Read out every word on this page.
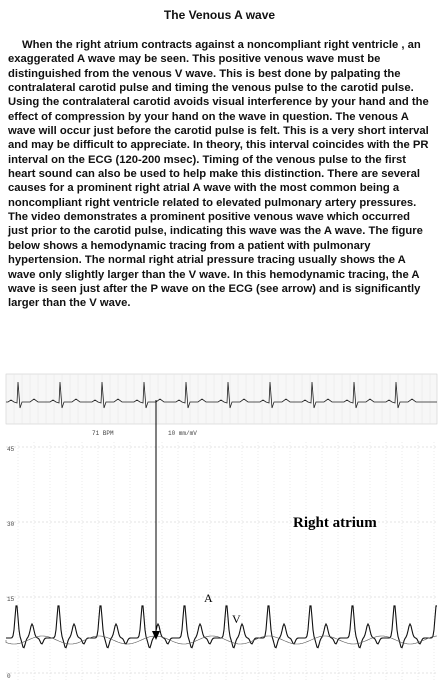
The Venous A wave

When the right atrium contracts against a noncompliant right ventricle , an exaggerated A wave may be seen. This positive venous wave must be distinguished from the venous V wave. This is best done by palpating the contralateral carotid pulse and timing the venous pulse to the carotid pulse. Using the contralateral carotid avoids visual interference by your hand and the effect of compression by your hand on the wave in question. The venous A wave will occur just before the carotid pulse is felt. This is a very short interval and may be difficult to appreciate. In theory, this interval coincides with the PR interval on the ECG (120-200 msec). Timing of the venous pulse to the first heart sound can also be used to help make this distinction. There are several causes for a prominent right atrial A wave with the most common being a noncompliant right ventricle related to elevated pulmonary artery pressures. The video demonstrates a prominent positive venous wave which occurred just prior to the carotid pulse, indicating this wave was the A wave. The figure below shows a hemodynamic tracing from a patient with pulmonary hypertension. The normal right atrial pressure tracing usually shows the A wave only slightly larger than the V wave. In this hemodynamic tracing, the A wave is seen just after the P wave on the ECG (see arrow) and is significantly larger than the V wave.

71 BPM	10 mm/mV
45
30
15
0
Right atrium
A
V
